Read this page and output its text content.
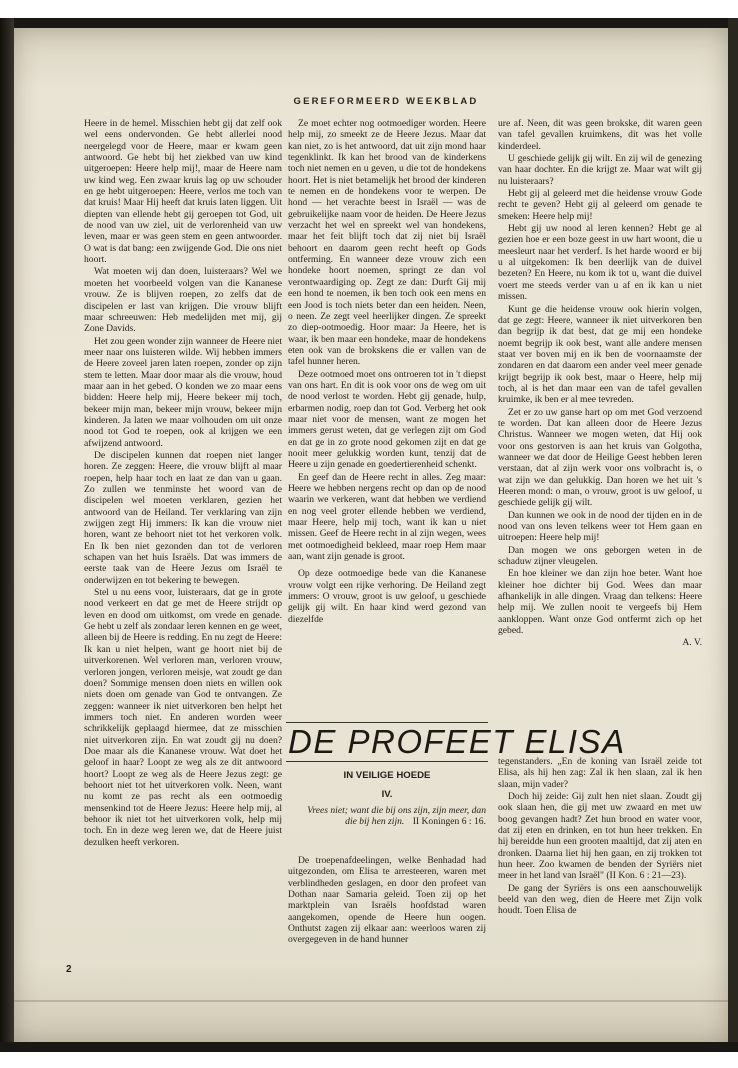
GEREFORMEERD WEEKBLAD

Heere in de hemel. Misschien hebt gij dat zelf ook wel eens ondervonden. Ge hebt allerlei nood neergelegd voor de Heere, maar er kwam geen antwoord. Ge hebt bij het ziekbed van uw kind uitgeroepen: Heere help mij!, maar de Heere nam uw kind weg. Een zwaar kruis lag op uw schouder en ge hebt uitgeroepen: Heere, verlos me toch van dat kruis! Maar Hij heeft dat kruis laten liggen. Uit diepten van ellende hebt gij geroepen tot God, uit de nood van uw ziel, uit de verlorenheid van uw leven, maar er was geen stem en geen antwoorder. O wat is dat bang: een zwijgende God. Die ons niet hoort.

Wat moeten wij dan doen, luisteraars? Wel we moeten het voorbeeld volgen van die Kananese vrouw. Ze is blijven roepen, zo zelfs dat de discipelen er last van krijgen. Die vrouw blijft maar schreeuwen: Heb medelijden met mij, gij Zone Davids.

Het zou geen wonder zijn wanneer de Heere niet meer naar ons luisteren wilde. Wij hebben immers de Heere zoveel jaren laten roepen, zonder op zijn stem te letten. Maar door maar als die vrouw, houd maar aan in het gebed. O konden we zo maar eens bidden: Heere help mij, Heere bekeer mij toch, bekeer mijn man, bekeer mijn vrouw, bekeer mijn kinderen. Ja laten we maar volhouden om uit onze nood tot God te roepen, ook al krijgen we een afwijzend antwoord.

De discipelen kunnen dat roepen niet langer horen. Ze zeggen: Heere, die vrouw blijft al maar roepen, help haar toch en laat ze dan van u gaan. Zo zullen we tenminste het woord van de discipelen wel moeten verklaren, gezien het antwoord van de Heiland. Ter verklaring van zijn zwijgen zegt Hij immers: Ik kan die vrouw niet horen, want ze behoort niet tot het verkoren volk. En Ik ben niet gezonden dan tot de verloren schapen van het huis Israëls. Dat was immers de eerste taak van de Heere Jezus om Israël te onderwijzen en tot bekering te bewegen.

Stel u nu eens voor, luisteraars, dat ge in grote nood verkeert en dat ge met de Heere strijdt op leven en dood om uitkomst, om vrede en genade. Ge hebt u zelf als zondaar leren kennen en ge weet, alleen bij de Heere is redding. En nu zegt de Heere: Ik kan u niet helpen, want ge hoort niet bij de uitverkorenen. Wel verloren man, verloren vrouw, verloren jongen, verloren meisje, wat zoudt ge dan doen? Sommige mensen doen niets en willen ook niets doen om genade van God te ontvangen. Ze zeggen: wanneer ik niet uitverkoren ben helpt het immers toch niet. En anderen worden weer schrikkelijk geplaagd hiermee, dat ze misschien niet uitverkoren zijn. En wat zoudt gij nu doen? Doe maar als die Kananese vrouw. Wat doet het geloof in haar? Loopt ze weg als ze dit antwoord hoort? Loopt ze weg als de Heere Jezus zegt: ge behoort niet tot het uitverkoren volk. Neen, want nu komt ze pas recht als een ootmoedig mensenkind tot de Heere Jezus: Heere help mij, al behoor ik niet tot het uitverkoren volk, help mij toch. En in deze weg leren we, dat de Heere juist dezulken heeft verkoren.

Ze moet echter nog ootmoediger worden. Heere help mij, zo smeekt ze de Heere Jezus. Maar dat kan niet, zo is het antwoord, dat uit zijn mond haar tegenklinkt. Ik kan het brood van de kinderkens toch niet nemen en u geven, u die tot de hondekens hoort. Het is niet betamelijk het brood der kinderen te nemen en de hondekens voor te werpen. De hond — het verachte beest in Israël — was de gebruikelijke naam voor de heiden. De Heere Jezus verzacht het wel en spreekt wel van hondekens, maar het feit blijft toch dat zij niet bij Israël behoort en daarom geen recht heeft op Gods ontferming. En wanneer deze vrouw zich een hondeke hoort noemen, springt ze dan vol verontwaardiging op. Zegt ze dan: Durft Gij mij een hond te noemen, ik ben toch ook een mens en een Jood is toch niets beter dan een heiden. Neen, o neen. Ze zegt veel heerlijker dingen. Ze spreekt zo diep-ootmoedig. Hoor maar: Ja Heere, het is waar, ik ben maar een hondeke, maar de hondekens eten ook van de brokskens die er vallen van de tafel hunner heren.

Deze ootmoed moet ons ontroeren tot in 't diepst van ons hart. En dit is ook voor ons de weg om uit de nood verlost te worden. Hebt gij genade, hulp, erbarmen nodig, roep dan tot God. Verberg het ook maar niet voor de mensen, want ze mogen het immers gerust weten, dat ge verlegen zijt om God en dat ge in zo grote nood gekomen zijt en dat ge nooit meer gelukkig worden kunt, tenzij dat de Heere u zijn genade en goedertierenheid schenkt.

En geef dan de Heere recht in alles. Zeg maar: Heere we hebben nergens recht op dan op de nood waarin we verkeren, want dat hebben we verdiend en nog veel groter ellende hebben we verdiend, maar Heere, help mij toch, want ik kan u niet missen. Geef de Heere recht in al zijn wegen, wees met ootmoedigheid bekleed, maar roep Hem maar aan, want zijn genade is groot.

Op deze ootmoedige bede van die Kananese vrouw volgt een rijke verhoring. De Heiland zegt immers: O vrouw, groot is uw geloof, u geschiede gelijk gij wilt. En haar kind werd gezond van diezelfde

ure af. Neen, dit was geen brokske, dit waren geen van tafel gevallen kruimkens, dit was het volle kinderdeel.

U geschiede gelijk gij wilt. En zij wil de genezing van haar dochter. En die krijgt ze. Maar wat wilt gij nu luisteraars?

Hebt gij al geleerd met die heidense vrouw Gode recht te geven? Hebt gij al geleerd om genade te smeken: Heere help mij!

Hebt gij uw nood al leren kennen? Hebt ge al gezien hoe er een boze geest in uw hart woont, die u meesleurt naar het verderf. Is het harde woord er bij u al uitgekomen: Ik ben deerlijk van de duivel bezeten? En Heere, nu kom ik tot u, want die duivel voert me steeds verder van u af en ik kan u niet missen.

Kunt ge die heidense vrouw ook hierin volgen, dat ge zegt: Heere, wanneer ik niet uitverkoren ben dan begrijp ik dat best, dat ge mij een hondeke noemt begrijp ik ook best, want alle andere mensen staat ver boven mij en ik ben de voornaamste der zondaren en dat daarom een ander veel meer genade krijgt begrijp ik ook best, maar o Heere, help mij toch, al is het dan maar een van de tafel gevallen kruimke, ik ben er al mee tevreden.

Zet er zo uw ganse hart op om met God verzoend te worden. Dat kan alleen door de Heere Jezus Christus. Wanneer we mogen weten, dat Hij ook voor ons gestorven is aan het kruis van Golgotha, wanneer we dat door de Heilige Geest hebben leren verstaan, dat al zijn werk voor ons volbracht is, o wat zijn we dan gelukkig. Dan horen we het uit 's Heeren mond: o man, o vrouw, groot is uw geloof, u geschiede gelijk gij wilt.

Dan kunnen we ook in de nood der tijden en in de nood van ons leven telkens weer tot Hem gaan en uitroepen: Heere help mij!

Dan mogen we ons geborgen weten in de schaduw zijner vleugelen.

En hoe kleiner we dan zijn hoe beter. Want hoe kleiner hoe dichter bij God. Wees dan maar afhankelijk in alle dingen. Vraag dan telkens: Heere help mij. We zullen nooit te vergeefs bij Hem aankloppen. Want onze God ontfermt zich op het gebed.

A. V.

DE PROFEET ELISA
IN VEILIGE HOEDE
IV.
Vrees niet; want die bij ons zijn, zijn meer, dan die bij hen zijn. II Koningen 6 : 16.

De troepenafdeelingen, welke Benhadad had uitgezonden, om Elisa te arresteeren, waren met verblindheden geslagen, en door den profeet van Dothan naar Samaria geleid. Toen zij op het marktplein van Israëls hoofdstad waren aangekomen, opende de Heere hun oogen. Onthutst zagen zij elkaar aan: weerloos waren zij overgegeven in de hand hunner

tegenstanders. „En de koning van Israël zeide tot Elisa, als hij hen zag: Zal ik hen slaan, zal ik hen slaan, mijn vader?

Doch hij zeide: Gij zult hen niet slaan. Zoudt gij ook slaan hen, die gij met uw zwaard en met uw boog gevangen hadt? Zet hun brood en water voor, dat zij eten en drinken, en tot hun heer trekken. En hij bereidde hun een grooten maaltijd, dat zij aten en dronken. Daarna liet hij hen gaan, en zij trokken tot hun heer. Zoo kwamen de benden der Syriërs niet meer in het land van Israël" (II Kon. 6 : 21—23).

De gang der Syriërs is ons een aanschouwelijk beeld van den weg, dien de Heere met Zijn volk houdt. Toen Elisa de

2
